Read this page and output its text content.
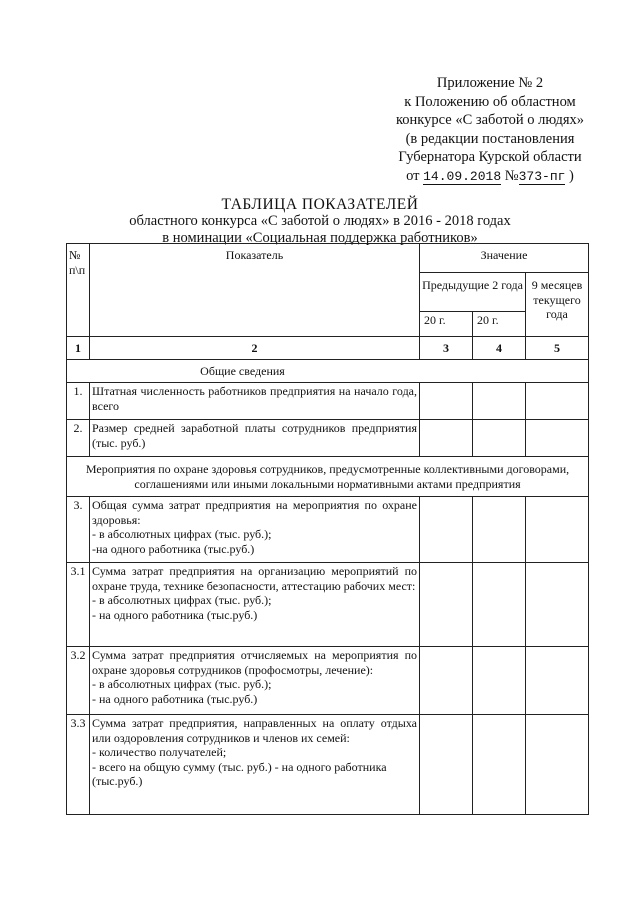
Приложение № 2
к Положению об областном
конкурсе «С заботой о людях»
(в редакции постановления
Губернатора Курской области
от 14.09.2018 №373-пг )
ТАБЛИЦА ПОКАЗАТЕЛЕЙ
областного конкурса «С заботой о людях» в 2016 - 2018 годах
в номинации «Социальная поддержка работников»
№ п\п	Показатель	Значение		
		Предыдущие 2 года		9 месяцев текущего года
		20 г.	20 г.	
1	2	3	4	5
Общие сведения				
1.	Штатная численность работников предприятия на начало года, всего			
2.	Размер средней заработной платы сотрудников предприятия (тыс. руб.)			
Мероприятия по охране здоровья сотрудников, предусмотренные коллективными договорами, соглашениями или иными локальными нормативными актами предприятия				
3.	Общая сумма затрат предприятия на мероприятия по охране здоровья:
- в абсолютных цифрах (тыс. руб.);
-на одного работника (тыс.руб.)			

3.1	Сумма затрат предприятия на организацию мероприятий по охране труда, технике безопасности, аттестацию рабочих мест:
- в абсолютных цифрах (тыс. руб.);
- на одного работника (тыс.руб.)			

3.2	Сумма затрат предприятия отчисляемых на мероприятия по охране здоровья сотрудников (профосмотры, лечение):
- в абсолютных цифрах (тыс. руб.);
- на одного работника (тыс.руб.)			

3.3	Сумма затрат предприятия, направленных на оплату отдыха или оздоровления сотрудников и членов их семей:
- количество получателей;
- всего на общую сумму (тыс. руб.) - на одного работника (тыс.руб.)			
